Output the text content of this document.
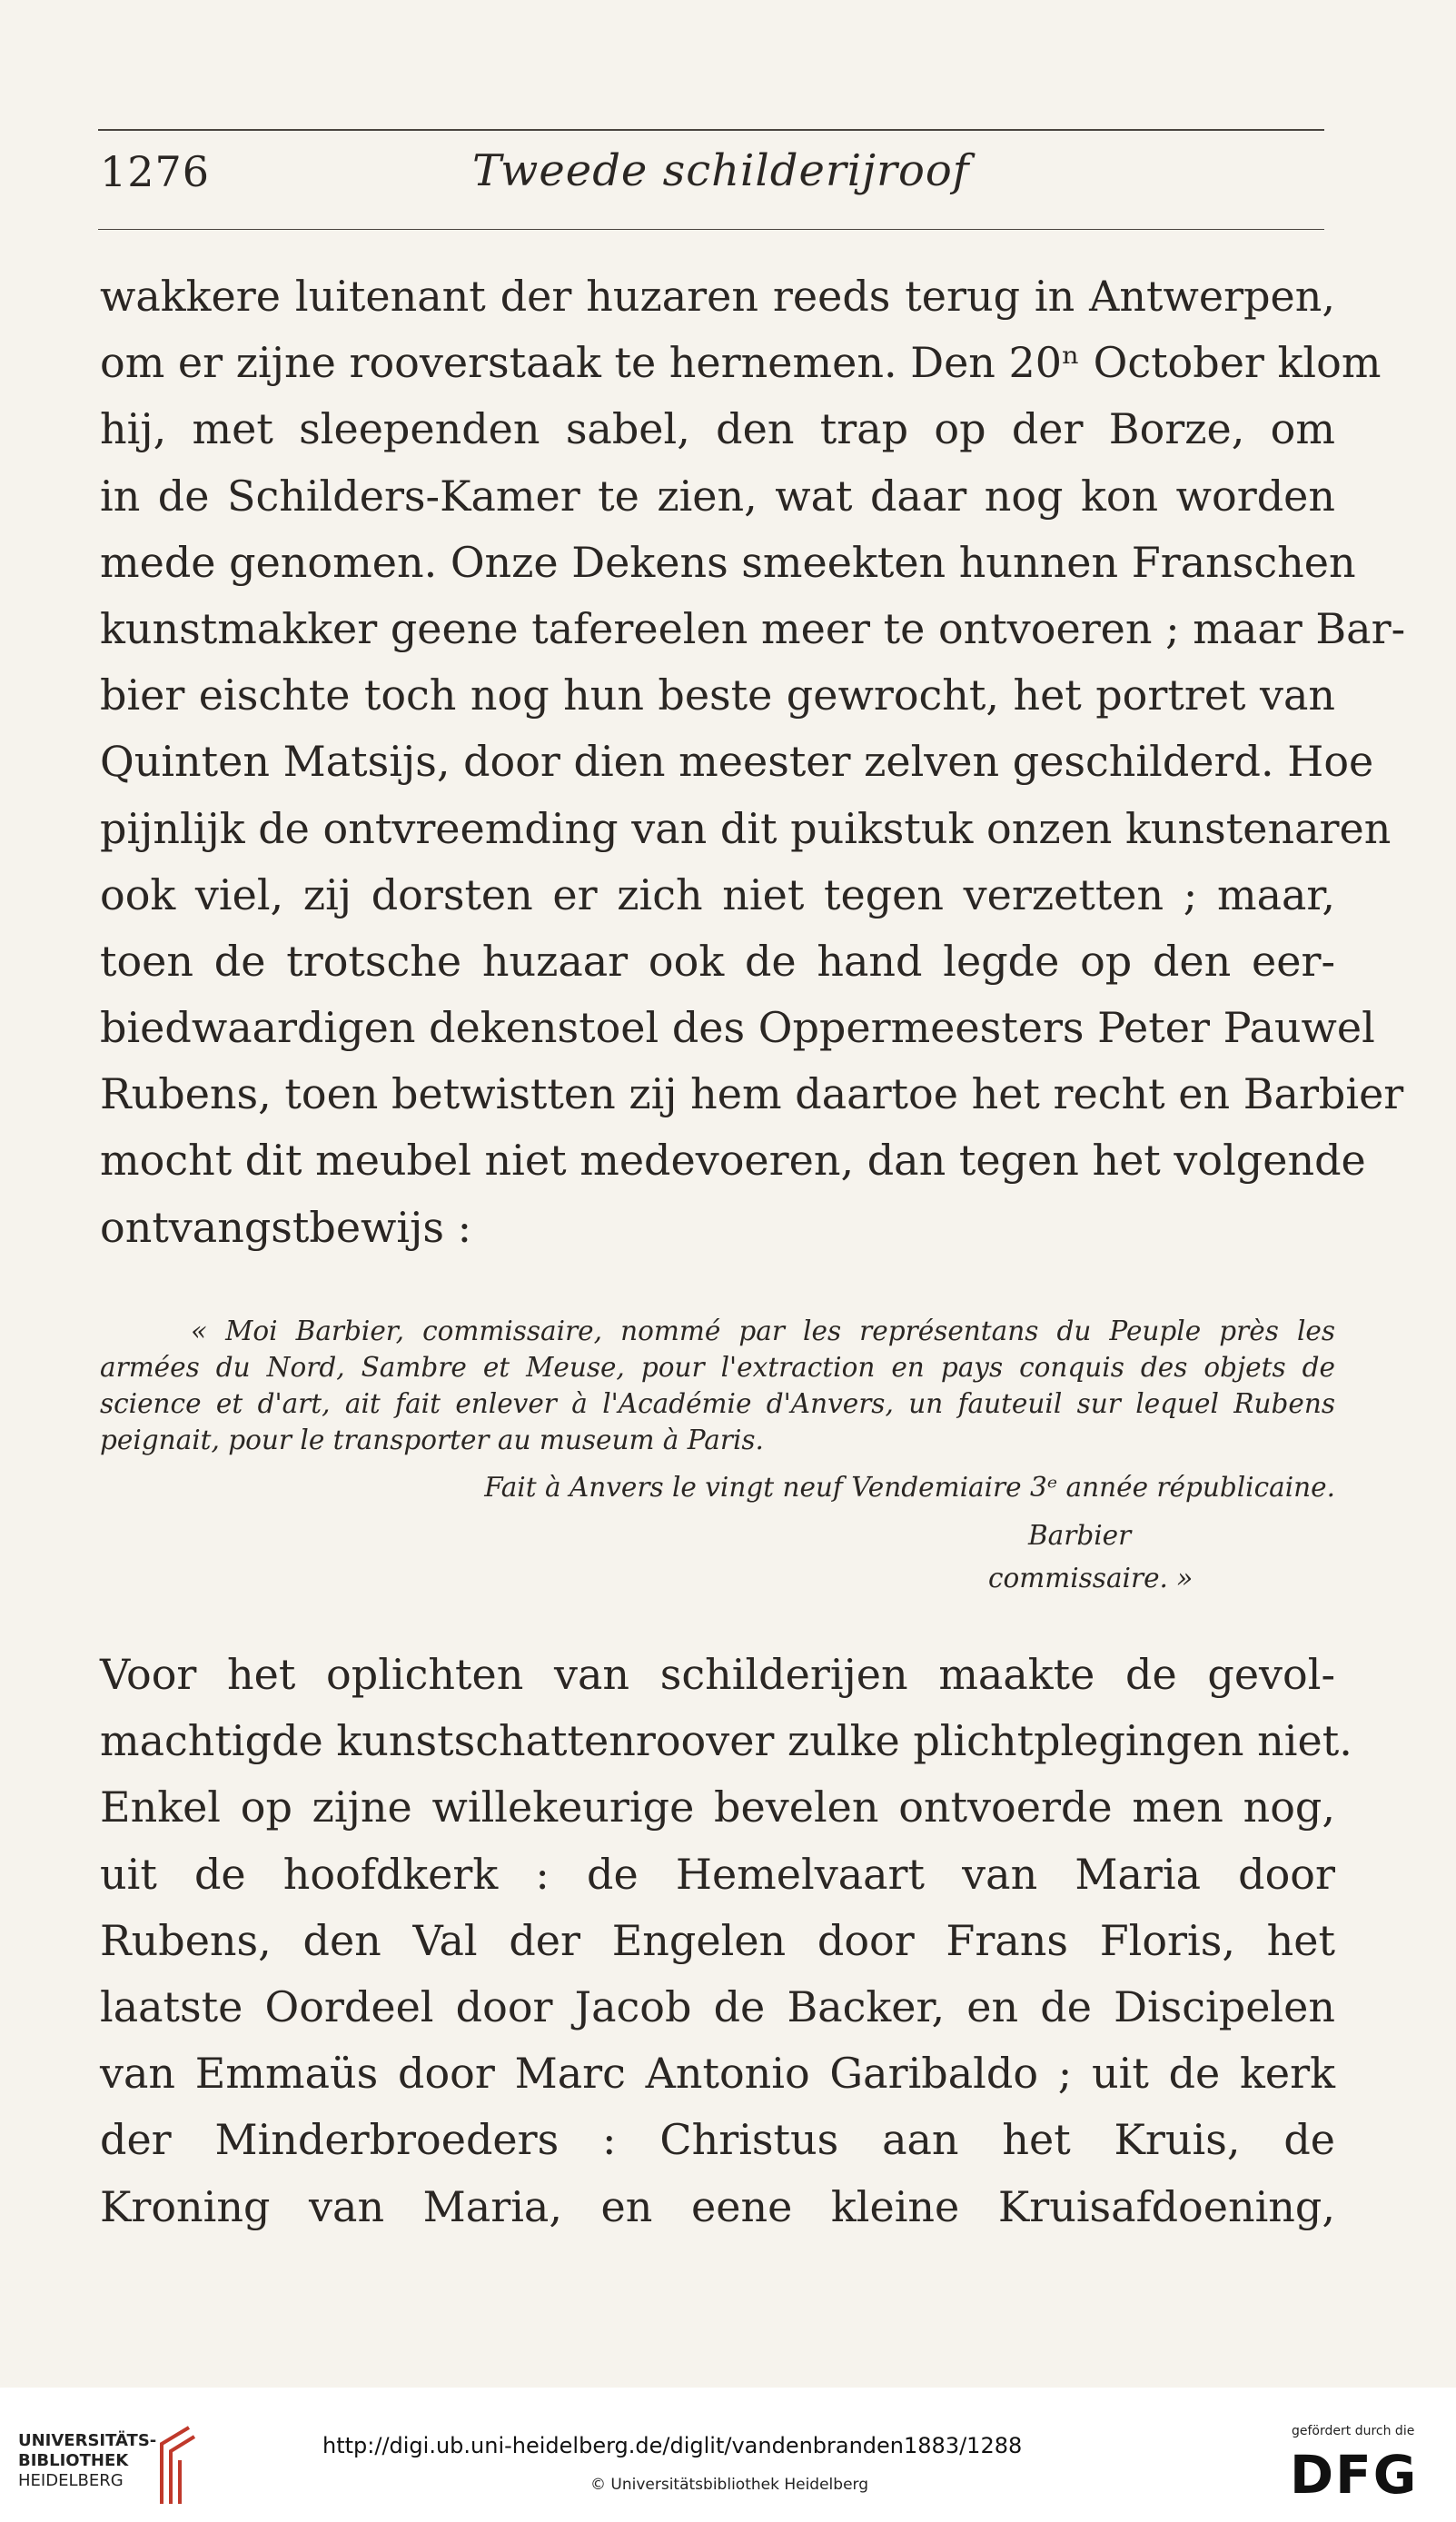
1276	Tweede schilderijroof
wakkere luitenant der huzaren reeds terug in Antwerpen,
om er zijne rooverstaak te hernemen. Den 20ⁿ October klom
hij, met sleependen sabel, den trap op der Borze, om
in de Schilders-Kamer te zien, wat daar nog kon worden
mede genomen. Onze Dekens smeekten hunnen Franschen
kunstmakker geene tafereelen meer te ontvoeren ; maar Bar-
bier eischte toch nog hun beste gewrocht, het portret van
Quinten Matsijs, door dien meester zelven geschilderd. Hoe
pijnlijk de ontvreemding van dit puikstuk onzen kunstenaren
ook viel, zij dorsten er zich niet tegen verzetten ; maar,
toen de trotsche huzaar ook de hand legde op den eer-
biedwaardigen dekenstoel des Oppermeesters Peter Pauwel
Rubens, toen betwistten zij hem daartoe het recht en Barbier
mocht dit meubel niet medevoeren, dan tegen het volgende
ontvangstbewijs :
« Moi Barbier, commissaire, nommé par les représentans du Peuple près les
armées du Nord, Sambre et Meuse, pour l'extraction en pays conquis des objets de
science et d'art, ait fait enlever à l'Académie d'Anvers, un fauteuil sur lequel Rubens
peignait, pour le transporter au museum à Paris.
Fait à Anvers le vingt neuf Vendemiaire 3ᵉ année républicaine.
Barbier
commissaire. »
Voor het oplichten van schilderijen maakte de gevol-
machtigde kunstschattenroover zulke plichtplegingen niet.
Enkel op zijne willekeurige bevelen ontvoerde men nog,
uit de hoofdkerk : de Hemelvaart van Maria door
Rubens, den Val der Engelen door Frans Floris, het
laatste Oordeel door Jacob de Backer, en de Discipelen
van Emmaüs door Marc Antonio Garibaldo ; uit de kerk
der Minderbroeders : Christus aan het Kruis, de
Kroning van Maria, en eene kleine Kruisafdoening,
UNIVERSITÄTS-
BIBLIOTHEK
HEIDELBERG
http://digi.ub.uni-heidelberg.de/diglit/vandenbranden1883/1288
© Universitätsbibliothek Heidelberg
gefördert durch die
DFG
